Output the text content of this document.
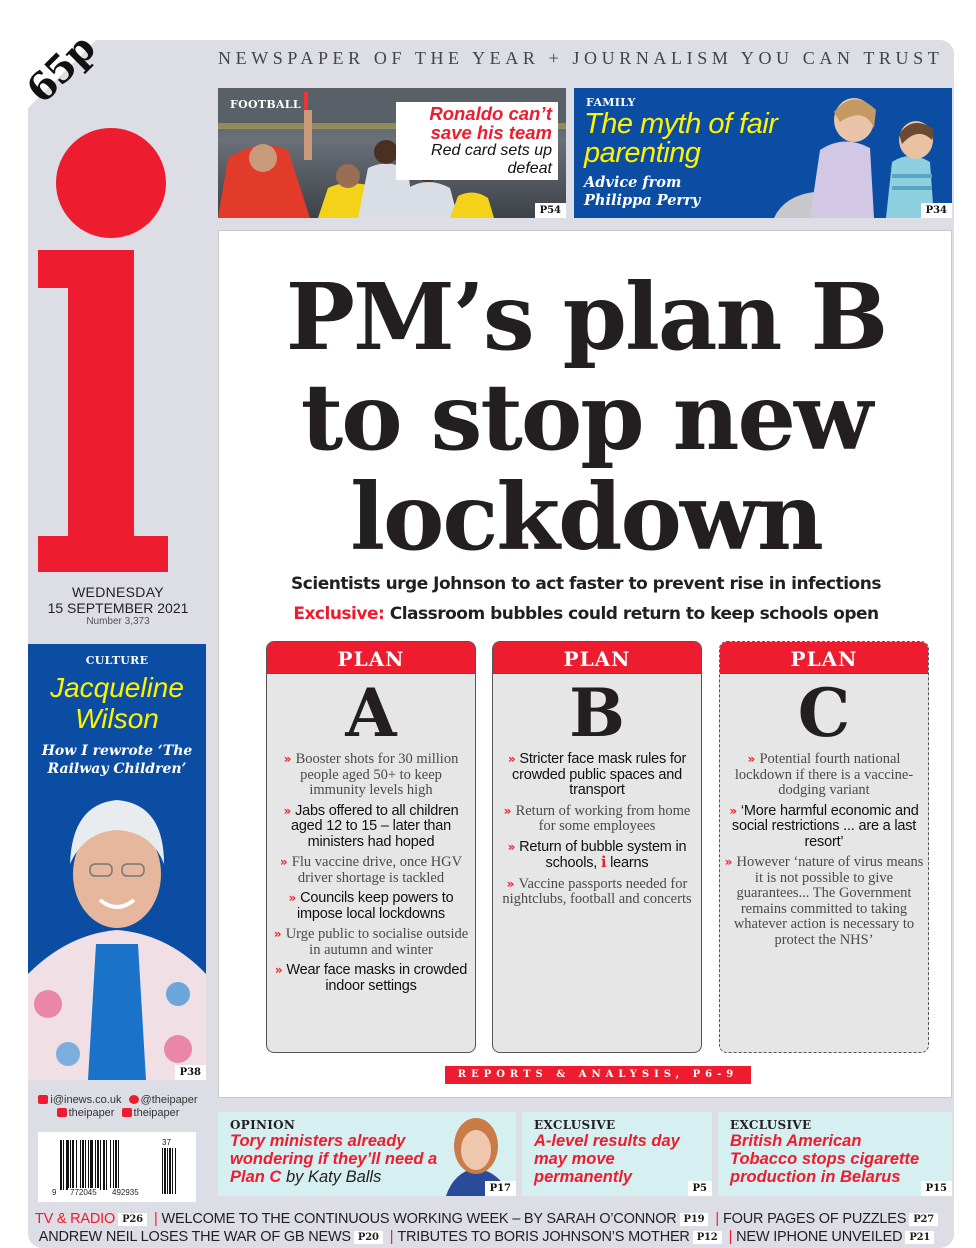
65p
WEDNESDAY
15 SEPTEMBER 2021
Number 3,373
NEWSPAPER OF THE YEAR + JOURNALISM YOU CAN TRUST
FOOTBALL	Ronaldo can’t save his team
Red card sets up defeat
P54
FAMILY
The myth of fair parenting
Advice from Philippa Perry
P34
PM’s plan B
to stop new
lockdown
Scientists urge Johnson to act faster to prevent rise in infections
Exclusive: Classroom bubbles could return to keep schools open
PLAN
A
» Booster shots for 30 million people aged 50+ to keep immunity levels high
» Jabs offered to all children aged 12 to 15 – later than ministers had hoped
» Flu vaccine drive, once HGV driver shortage is tackled
» Councils keep powers to impose local lockdowns
» Urge public to socialise outside in autumn and winter
» Wear face masks in crowded indoor settings
PLAN
B
» Stricter face mask rules for crowded public spaces and transport
» Return of working from home for some employees
» Return of bubble system in schools, i learns
» Vaccine passports needed for nightclubs, football and concerts
PLAN
C
» Potential fourth national lockdown if there is a vaccine-dodging variant
» ‘More harmful economic and social restrictions ... are a last resort’
» However ‘nature of virus means it is not possible to give guarantees... The Government remains committed to taking whatever action is necessary to protect the NHS’
REPORTS & ANALYSIS, P6-9
CULTURE
Jacqueline Wilson
How I rewrote ‘The Railway Children’
P38
i@inews.co.uk @theipaper
theipaper theipaper
9 772045 492935
37
OPINION
Tory ministers already wondering if they’ll need a Plan C by Katy Balls
P17
EXCLUSIVE
A-level results day may move permanently
P5
EXCLUSIVE
British American Tobacco stops cigarette production in Belarus
P15
TV & RADIO P26 | WELCOME TO THE CONTINUOUS WORKING WEEK – BY SARAH O’CONNOR P19 | FOUR PAGES OF PUZZLES P27
ANDREW NEIL LOSES THE WAR OF GB NEWS P20 | TRIBUTES TO BORIS JOHNSON’S MOTHER P12 | NEW IPHONE UNVEILED P21
